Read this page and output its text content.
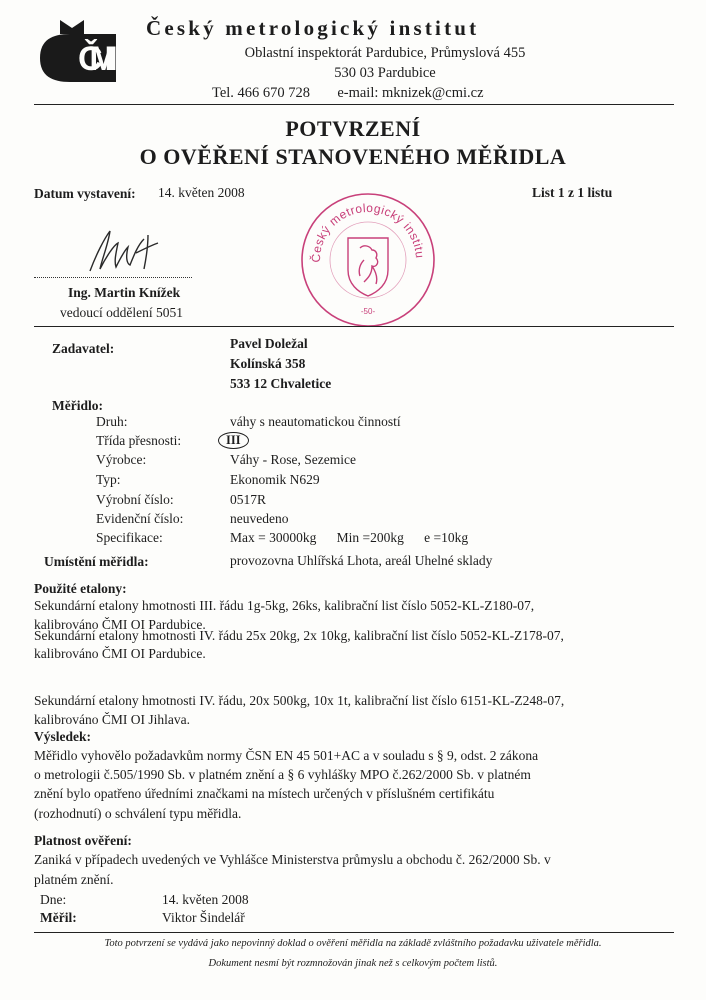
ČMI
Český metrologický institut
Oblastní inspektorát Pardubice, Průmyslová 455
530 03 Pardubice
Tel. 466 670 728 e-mail: mknizek@cmi.cz
POTVRZENÍ
O OVĚŘENÍ STANOVENÉHO MĚŘIDLA
Datum vystavení: 14. květen 2008	List 1 z 1 listu
Ing. Martin Knížek
vedoucí oddělení 5051
Český metrologický institu
-50-
Zadavatel:	Pavel Doležal
Kolínská 358
533 12 Chvaletice
Měřidlo:
Druh:	váhy s neautomatickou činností
Třída přesnosti:	III
Výrobce:	Váhy - Rose, Sezemice
Typ:	Ekonomik N629
Výrobní číslo:	0517R
Evidenční číslo:	neuvedeno
Specifikace:	Max = 30000kg      Min =200kg      e =10kg
Umístění měřidla:	provozovna Uhlířská Lhota, areál Uhelné sklady
Použité etalony:
Sekundární etalony hmotnosti III. řádu 1g-5kg, 26ks, kalibrační list číslo 5052-KL-Z180-07,
kalibrováno ČMI OI Pardubice.
Sekundární etalony hmotnosti IV. řádu 25x 20kg, 2x 10kg, kalibrační list číslo 5052-KL-Z178-07,
kalibrováno ČMI OI Pardubice.
Sekundární etalony hmotnosti IV. řádu, 20x 500kg, 10x 1t, kalibrační list číslo 6151-KL-Z248-07,
kalibrováno ČMI OI Jihlava.
Výsledek:
Měřidlo vyhovělo požadavkům normy ČSN EN 45 501+AC a v souladu s § 9, odst. 2 zákona
o metrologii č.505/1990 Sb. v platném znění a § 6 vyhlášky MPO č.262/2000 Sb. v platném
znění bylo opatřeno úředními značkami na místech určených v příslušném certifikátu
(rozhodnutí) o schválení typu měřidla.
Platnost ověření:
Zaniká v případech uvedených ve Vyhlášce Ministerstva průmyslu a obchodu č. 262/2000 Sb. v
platném znění.
Dne:	14. květen 2008
Měřil:	Viktor Šindelář
Toto potvrzení se vydává jako nepovinný doklad o ověření měřidla na základě zvláštního požadavku uživatele měřidla.
Dokument nesmí být rozmnožován jinak než s celkovým počtem listů.
